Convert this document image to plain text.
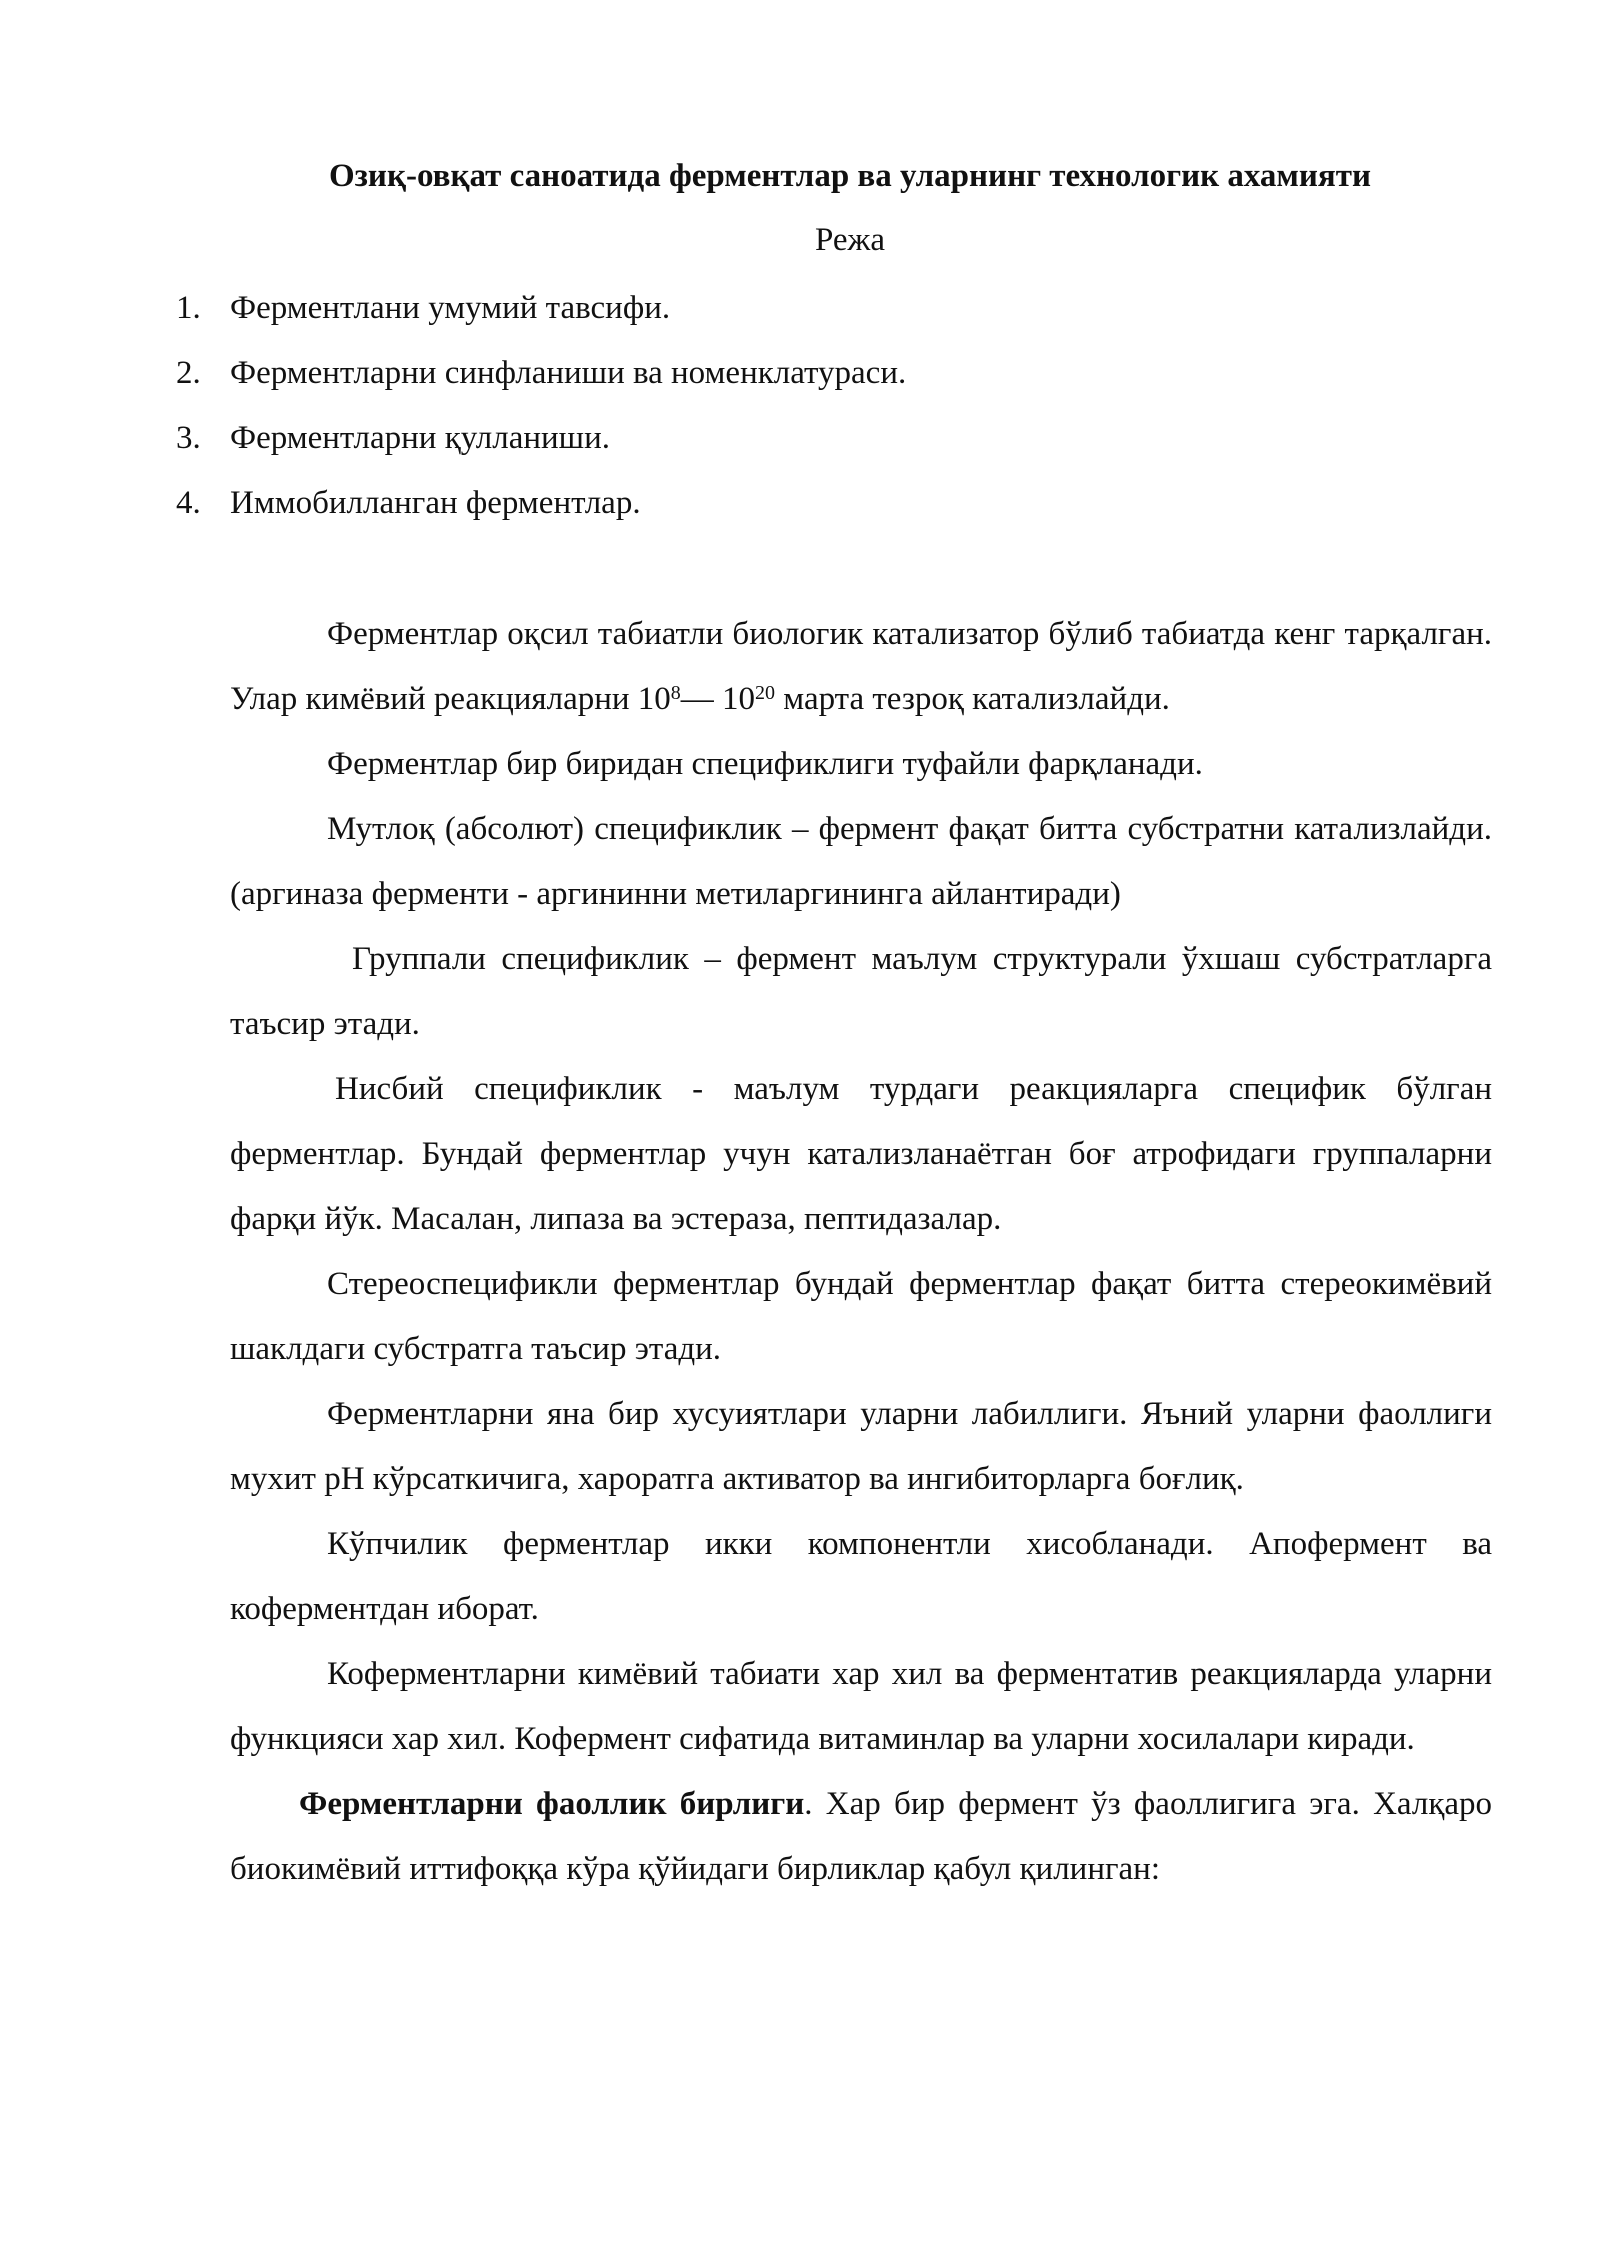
Озиқ-овқат саноатида ферментлар ва уларнинг технологик ахамияти

Режа

1. Ферментлани умумий тавсифи.
2. Ферментларни синфланиши ва номенклатураси.
3. Ферментларни қулланиши.
4. Иммобилланган ферментлар.

Ферментлар оқсил табиатли биологик катализатор бўлиб табиатда кенг тарқалган. Улар кимёвий реакцияларни $10^8—$ $10^{20}$ марта тезроқ катализлайди.

Ферментлар бир биридан спецификлиги туфайли фарқланади.

Мутлоқ (абсолют) спецификлик – фермент фақат битта субстратни катализлайди. (аргиназа ферменти - аргининни метиларгининга айлантиради)

Группали спецификлик – фермент маълум структурали ўхшаш субстратларга таъсир этади.

Нисбий спецификлик - маълум турдаги реакцияларга специфик бўлган ферментлар. Бундай ферментлар учун катализланаётган боғ атрофидаги группаларни фарқи йўк. Масалан, липаза ва эстераза, пептидазалар.

Стереоспецификли ферментлар бундай ферментлар фақат битта стереокимёвий шаклдаги субстратга таъсир этади.

Ферментларни яна бир хусуиятлари уларни лабиллиги. Яъний уларни фаоллиги мухит pH кўрсаткичига, хароратга активатор ва ингибиторларга боғлиқ.

Кўпчилик ферментлар икки компонентли хисобланади. Апофермент ва коферментдан иборат.

Коферментларни кимёвий табиати хар хил ва ферментатив реакцияларда уларни функцияси хар хил. Кофермент сифатида витаминлар ва уларни хосилалари киради.

Ферментларни фаоллик бирлиги. Хар бир фермент ўз фаоллигига эга. Халқаро биокимёвий иттифоққа кўра қўйидаги бирликлар қабул қилинган:
